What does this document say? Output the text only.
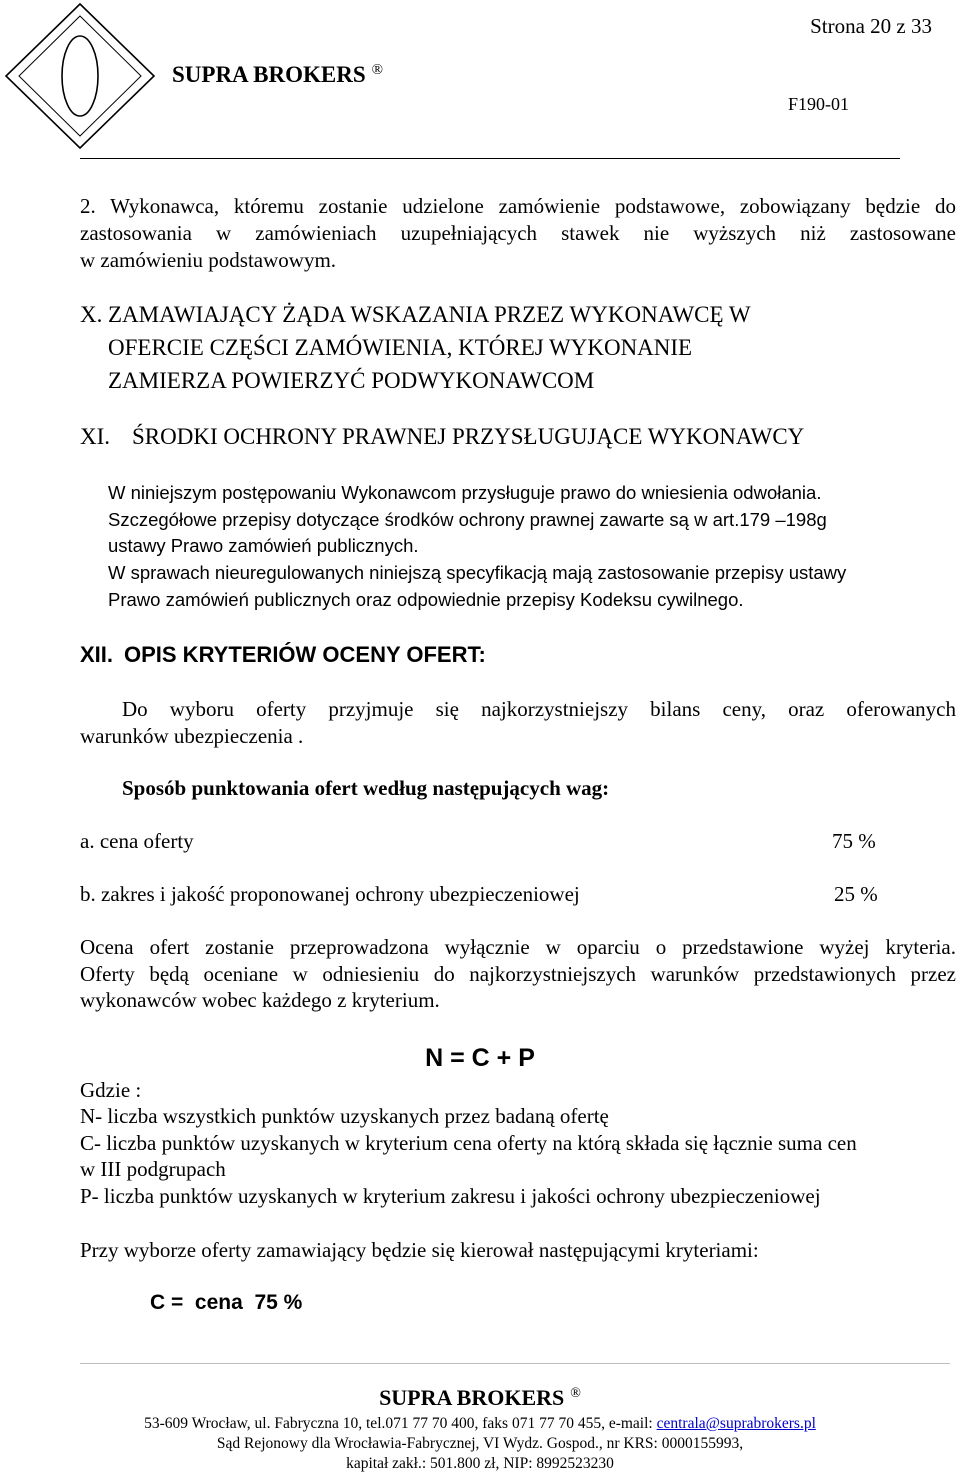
Strona 20 z 33
SUPRA BROKERS ®
F190-01
2. Wykonawca, któremu zostanie udzielone zamówienie podstawowe, zobowiązany będzie do
zastosowania w zamówieniach uzupełniających stawek nie wyższych niż zastosowane
w zamówieniu podstawowym.
X. ZAMAWIAJĄCY ŻĄDA WSKAZANIA PRZEZ WYKONAWCĘ W
OFERCIE CZĘŚCI ZAMÓWIENIA, KTÓREJ WYKONANIE
ZAMIERZA POWIERZYĆ PODWYKONAWCOM
XI. ŚRODKI OCHRONY PRAWNEJ PRZYSŁUGUJĄCE WYKONAWCY
W niniejszym postępowaniu Wykonawcom przysługuje prawo do wniesienia odwołania.
Szczegółowe przepisy dotyczące środków ochrony prawnej zawarte są w art.179 –198g
ustawy Prawo zamówień publicznych.
W sprawach nieuregulowanych niniejszą specyfikacją mają zastosowanie przepisy ustawy
Prawo zamówień publicznych oraz odpowiednie przepisy Kodeksu cywilnego.
XII. OPIS KRYTERIÓW OCENY OFERT:
Do wyboru oferty przyjmuje się najkorzystniejszy bilans ceny, oraz oferowanych
warunków ubezpieczenia .
Sposób punktowania ofert według następujących wag:
a. cena oferty	75 %
b. zakres i jakość proponowanej ochrony ubezpieczeniowej	25 %
Ocena ofert zostanie przeprowadzona wyłącznie w oparciu o przedstawione wyżej kryteria.
Oferty będą oceniane w odniesieniu do najkorzystniejszych warunków przedstawionych przez
wykonawców wobec każdego z kryterium.
N = C + P
Gdzie :
N- liczba wszystkich punktów uzyskanych przez badaną ofertę
C- liczba punktów uzyskanych w kryterium cena oferty na którą składa się łącznie suma cen
w III podgrupach
P- liczba punktów uzyskanych w kryterium zakresu i jakości ochrony ubezpieczeniowej
Przy wyborze oferty zamawiający będzie się kierował następującymi kryteriami:
C =  cena  75 %
SUPRA BROKERS ®
53-609 Wrocław, ul. Fabryczna 10, tel.071 77 70 400, faks 071 77 70 455, e-mail: centrala@suprabrokers.pl
Sąd Rejonowy dla Wrocławia-Fabrycznej, VI Wydz. Gospod., nr KRS: 0000155993,
kapitał zakł.: 501.800 zł, NIP: 8992523230
